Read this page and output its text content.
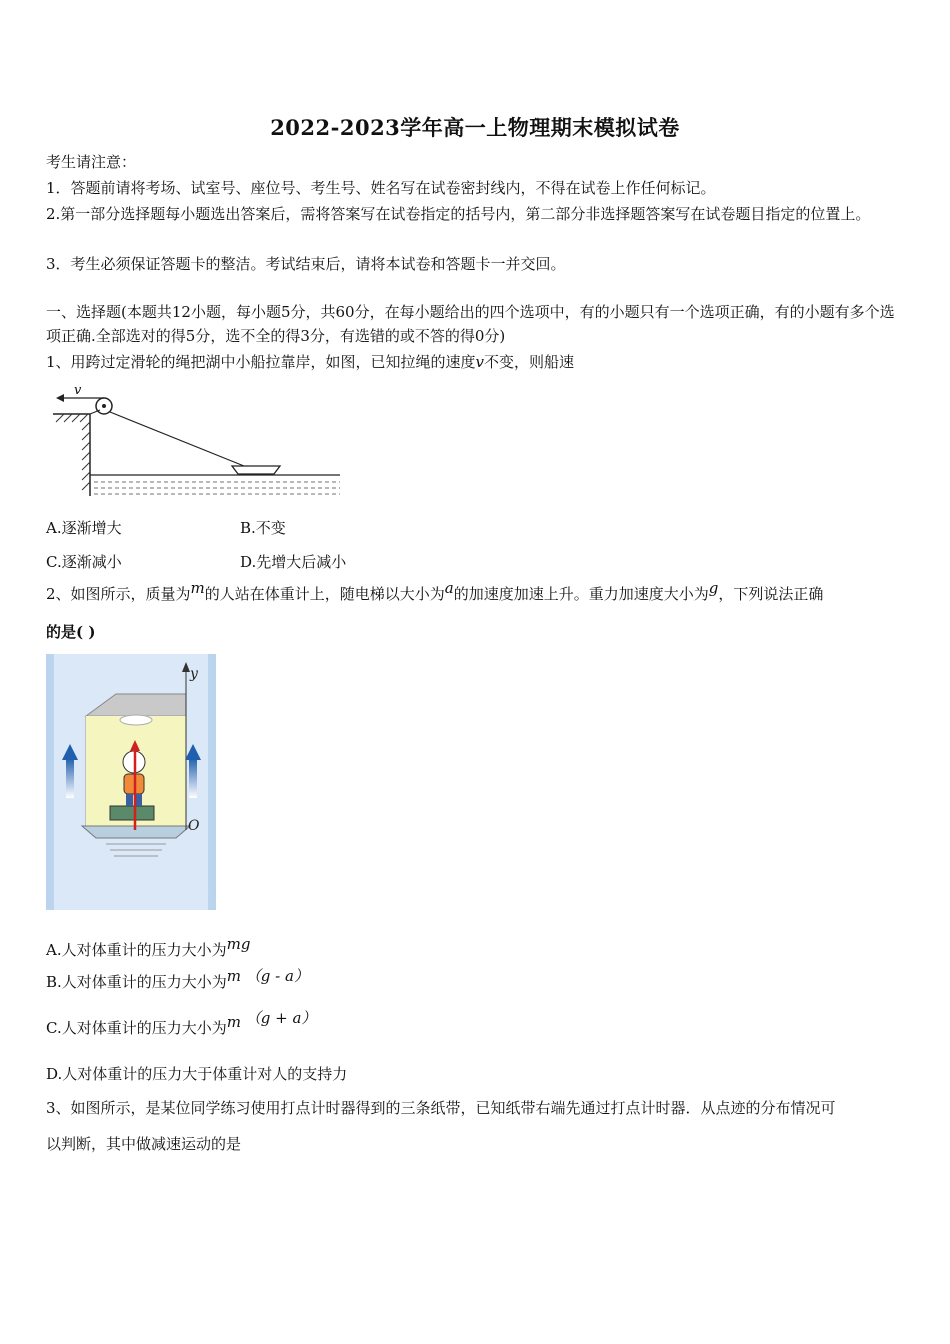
2022-2023学年高一上物理期末模拟试卷
考生请注意：
1．答题前请将考场、试室号、座位号、考生号、姓名写在试卷密封线内，不得在试卷上作任何标记。
2.第一部分选择题每小题选出答案后，需将答案写在试卷指定的括号内，第二部分非选择题答案写在试卷题目指定的位置上。
3．考生必须保证答题卡的整洁。考试结束后，请将本试卷和答题卡一并交回。
一、选择题(本题共12小题，每小题5分，共60分，在每小题给出的四个选项中，有的小题只有一个选项正确，有的小题有多个选项正确.全部选对的得5分，选不全的得3分，有选错的或不答的得0分)
1、用跨过定滑轮的绳把湖中小船拉靠岸，如图，已知拉绳的速度v不变，则船速
v
A.逐渐增大	B.不变
C.逐渐减小	D.先增大后减小
2、如图所示，质量为m的人站在体重计上，随电梯以大小为a的加速度加速上升。重力加速度大小为g，下列说法正确
的是( )
y
O
A.人对体重计的压力大小为mg
B.人对体重计的压力大小为m （g - a）
C.人对体重计的压力大小为m （g + a）
D.人对体重计的压力大于体重计对人的支持力
3、如图所示，是某位同学练习使用打点计时器得到的三条纸带，已知纸带右端先通过打点计时器．从点迹的分布情况可
以判断，其中做减速运动的是
